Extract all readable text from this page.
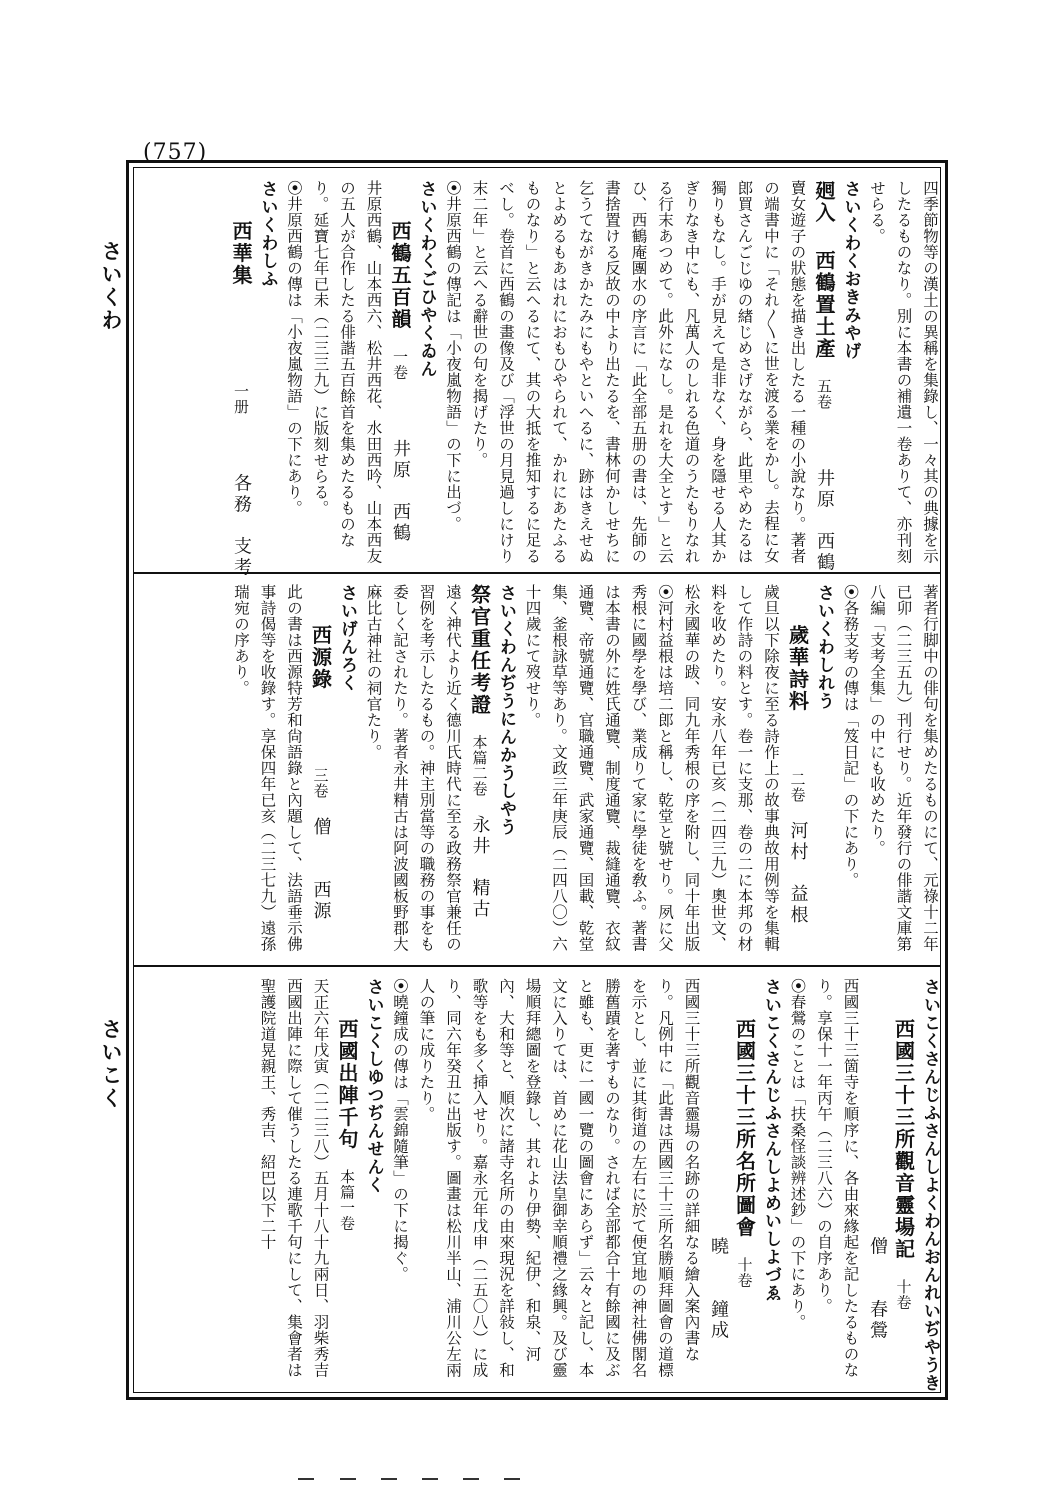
(757)
さいくわ
さいこく
四季節物等の漢土の異稱を集錄し、一々其の典據を示したるものなり。別に本書の補遺一卷ありて、亦刊刻せらる。
さいくわくおきみやげ
𢌞入 西鶴置土產 五卷  井原　西鶴
賣女遊子の狀態を描き出したる一種の小說なり。著者の端書中に「それ〳〵に世を渡る業をかし。去程に女郎買さんごじゆの緖じめさげながら、此里やめたるは獨りもなし。手が見えて是非なく、身を隱せる人其かぎりなき中にも、凡萬人のしれる色道のうたもりなれる行末あつめて。此外になし。是れを大全とす」と云ひ、西鶴庵團水の序言に「此全部五册の書は、先師の書捨置ける反故の中より出たるを、書林何かしせちに乞うてながきかたみにもやといへるに、跡はきえせぬとよめるもあはれにおもひやられて、かれにあたふるものなり」と云へるにて、其の大抵を推知するに足るべし。卷首に西鶴の畫像及び「浮世の月見過しにけり末二年」と云へる辭世の句を揭げたり。
⦿井原西鶴の傳記は「小夜嵐物語」の下に出づ。
さいくわくごひやくゐん
西鶴五百韻 一卷  井原　西鶴
井原西鶴、山本西六、松井西花、水田西吟、山本西友の五人が合作したる俳諧五百餘首を集めたるものなり。延寶七年已未（二三三九）に版刻せらる。
⦿井原西鶴の傳は「小夜嵐物語」の下にあり。
さいくわしふ
西華集  一册  各務　支考
著者行脚中の俳句を集めたるものにて、元祿十二年已卯（二三五九）刊行せり。近年發行の俳諧文庫第八編「支考全集」の中にも收めたり。
⦿各務支考の傳は「笈日記」の下にあり。
さいくわしれう
歲華詩料  二卷 河村　益根
歲旦以下除夜に至る詩作上の故事典故用例等を集輯して作詩の料とす。卷一に支那、卷の二に本邦の材料を收めたり。安永八年已亥（二四三九）奧世文、松永國華の跋、同九年秀根の序を附し、同十年出版
⦿河村益根は培二郎と稱し、乾堂と號せり。夙に父秀根に國學を學び、業成りて家に學徒を敎ふ。著書は本書の外に姓氏通覽、制度通覽、裁縫通覽、衣紋通覽、帝號通覽、官職通覽、武家通覽、囯載、乾堂集、釜根詠草等あり。文政三年庚辰（二四八〇）六十四歲にて歿せり。
さいくわんぢうにんかうしやう
祭官重任考證 本篇二卷 永井　精古
遠く神代より近く德川氏時代に至る政務祭官兼任の習例を考示したるもの。神主別當等の職務の事をも委しく記されたり。著者永井精古は阿波國板野郡大麻比古神社の祠官たり。
さいげんろく
西源錄  三卷 僧　　西源
此の書は西源特芳和尙語錄と內題して、法語垂示佛事詩偈等を收錄す。享保四年已亥（二三七九）遠孫瑞宛の序あり。
さいこくさんじふさんしよくわんおんれいぢやうき
西國三十三所觀音靈場記 十卷
僧　　春鶯
西國三十三箇寺を順序に、各由來緣起を記したるものなり。享保十一年丙午（二三八六）の自序あり。
⦿春鶯のことは「扶桑怪談辨述鈔」の下にあり。
さいこくさんじふさんしよめいしよづゑ
西國三十三所名所圖會 十卷
曉　　鐘成
西國三十三所觀音靈場の名跡の詳細なる繪入案內書なり。凡例中に「此書は西國三十三所名勝順拜圖會の道標を示とし、並に其街道の左右に於て便宜地の神社佛閣名勝舊蹟を著すものなり。されば全部都合十有餘國に及ぶと雖も、更に一國一覽の圖會にあらず」云々と記し、本文に入りては、首めに花山法皇御幸順禮之緣興。及び靈場順拜總圖を登錄し、其れより伊勢、紀伊、和泉、河內、大和等と、順次に諸寺名所の由來現況を詳敍し、和歌等をも多く揷入せり。嘉永元年戊申（二五〇八）に成り、同六年癸丑に出版す。圖畫は松川半山、浦川公左兩人の筆に成りたり。
⦿曉鐘成の傳は「雲錦隨筆」の下に揭ぐ。
さいこくしゆつぢんせんく
西國出陣千句 本篇一卷
天正六年戊寅（二二三八）五月十八十九兩日、羽柴秀吉西國出陣に際して催うしたる連歌千句にして、集會者は聖護院道晃親王、秀吉、紹巴以下二十
